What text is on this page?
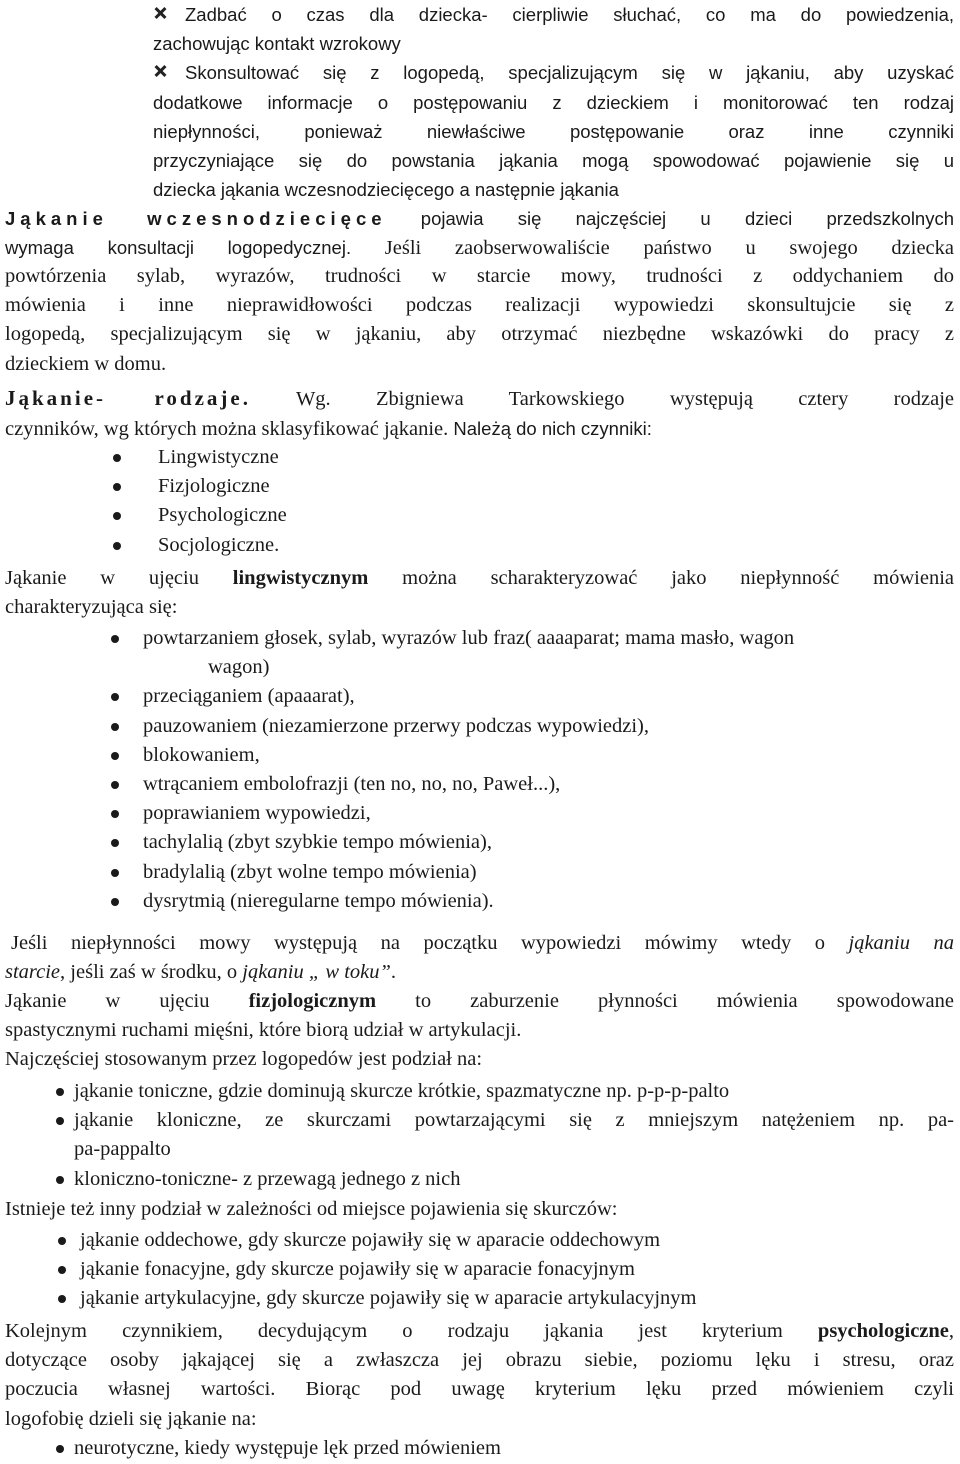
Zadbać o czas dla dziecka- cierpliwie słuchać, co ma do powiedzenia,
zachowując kontakt wzrokowy
Skonsultować się z logopedą, specjalizującym się w jąkaniu, aby uzyskać
dodatkowe informacje o postępowaniu z dzieckiem i monitorować ten rodzaj
niepłynności, ponieważ niewłaściwe postępowanie oraz inne czynniki
przyczyniające się do powstania jąkania mogą spowodować pojawienie się u
dziecka jąkania wczesnodziecięcego a następnie jąkania
Jąkanie wczesnodziecięce pojawia się najczęściej u dzieci przedszkolnych
wymaga konsultacji logopedycznej. Jeśli zaobserwowaliście państwo u swojego dziecka
powtórzenia sylab, wyrazów, trudności w starcie mowy, trudności z oddychaniem do
mówienia i inne nieprawidłowości podczas realizacji wypowiedzi skonsultujcie się z
logopedą, specjalizującym się w jąkaniu, aby otrzymać niezbędne wskazówki do pracy z
dzieckiem w domu.
Jąkanie- rodzaje. Wg. Zbigniewa Tarkowskiego występują cztery rodzaje
czynników, wg których można sklasyfikować jąkanie. Należą do nich czynniki:
Lingwistyczne
Fizjologiczne
Psychologiczne
Socjologiczne.
Jąkanie w ujęciu lingwistycznym można scharakteryzować jako niepłynność mówienia
charakteryzująca się:
powtarzaniem głosek, sylab, wyrazów lub fraz( aaaaparat; mama masło, wagon
wagon)
przeciąganiem (apaaarat),
pauzowaniem (niezamierzone przerwy podczas wypowiedzi),
blokowaniem,
wtrącaniem embolofrazji (ten no, no, no, Paweł...),
poprawianiem wypowiedzi,
tachylalią (zbyt szybkie tempo mówienia),
bradylalią (zbyt wolne tempo mówienia)
dysrytmią (nieregularne tempo mówienia).
Jeśli niepłynności mowy występują na początku wypowiedzi mówimy wtedy o jąkaniu na
starcie, jeśli zaś w środku, o jąkaniu „ w toku”.
Jąkanie w ujęciu fizjologicznym to zaburzenie płynności mówienia spowodowane
spastycznymi ruchami mięśni, które biorą udział w artykulacji.
Najczęściej stosowanym przez logopedów jest podział na:
jąkanie toniczne, gdzie dominują skurcze krótkie, spazmatyczne np. p-p-p-palto
jąkanie kloniczne, ze skurczami powtarzającymi się z mniejszym natężeniem np. pa-
pa-pappalto
kloniczno-toniczne- z przewagą jednego z nich
Istnieje też inny podział w zależności od miejsce pojawienia się skurczów:
jąkanie oddechowe, gdy skurcze pojawiły się w aparacie oddechowym
jąkanie fonacyjne, gdy skurcze pojawiły się w aparacie fonacyjnym
jąkanie artykulacyjne, gdy skurcze pojawiły się w aparacie artykulacyjnym
Kolejnym czynnikiem, decydującym o rodzaju jąkania jest kryterium psychologiczne,
dotyczące osoby jąkającej się a zwłaszcza jej obrazu siebie, poziomu lęku i stresu, oraz
poczucia własnej wartości. Biorąc pod uwagę kryterium lęku przed mówieniem czyli
logofobię dzieli się jąkanie na:
neurotyczne, kiedy występuje lęk przed mówieniem
